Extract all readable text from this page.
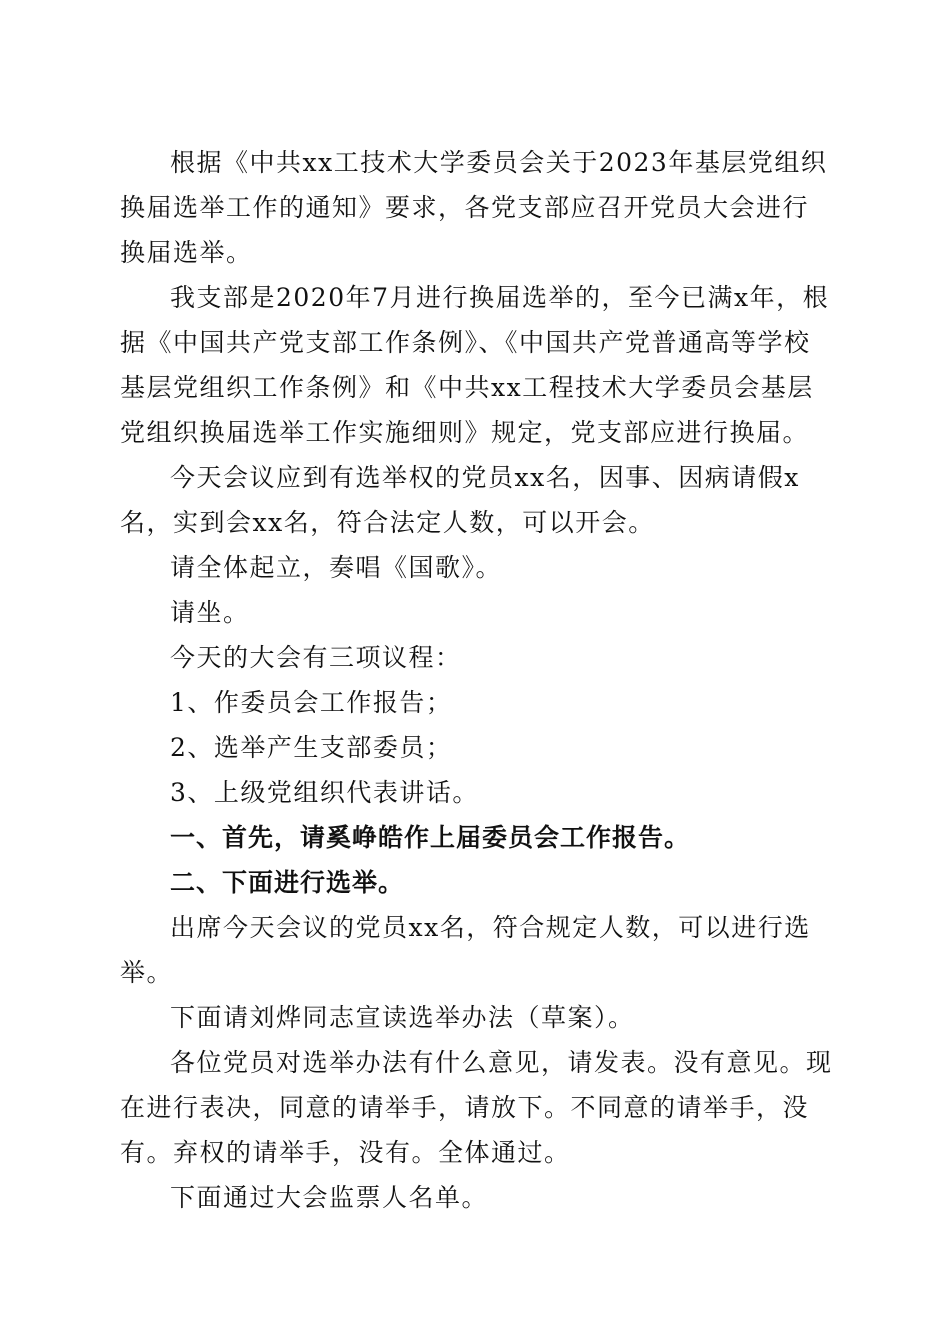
根据《中共xx工技术大学委员会关于2023年基层党组织换届选举工作的通知》要求，各党支部应召开党员大会进行换届选举。

我支部是2020年7月进行换届选举的，至今已满x年，根据《中国共产党支部工作条例》、《中国共产党普通高等学校基层党组织工作条例》和《中共xx工程技术大学委员会基层党组织换届选举工作实施细则》规定，党支部应进行换届。

今天会议应到有选举权的党员xx名，因事、因病请假x名，实到会xx名，符合法定人数，可以开会。

请全体起立，奏唱《国歌》。

请坐。

今天的大会有三项议程：

1、作委员会工作报告；

2、选举产生支部委员；

3、上级党组织代表讲话。

一、首先，请奚峥皓作上届委员会工作报告。

二、下面进行选举。

出席今天会议的党员xx名，符合规定人数，可以进行选举。

下面请刘烨同志宣读选举办法（草案）。

各位党员对选举办法有什么意见，请发表。没有意见。现在进行表决，同意的请举手，请放下。不同意的请举手，没有。弃权的请举手，没有。全体通过。

下面通过大会监票人名单。
